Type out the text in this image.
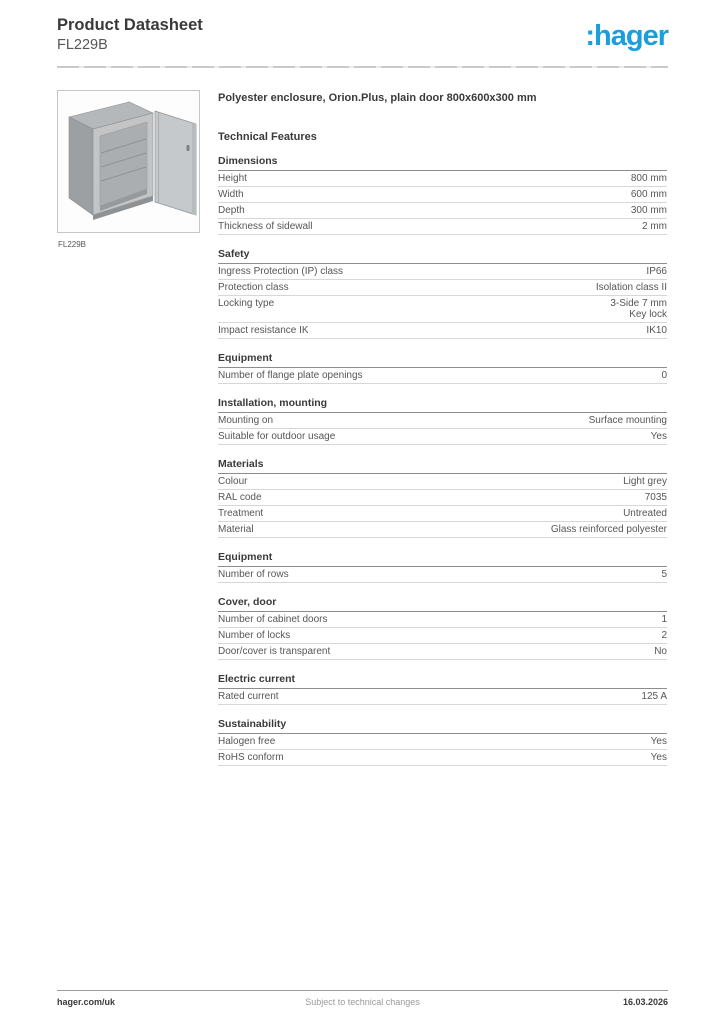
Product Datasheet
FL229B	:hager
FL229B
Polyester enclosure, Orion.Plus, plain door 800x600x300 mm
Technical Features
Dimensions
Height	800 mm
Width	600 mm
Depth	300 mm
Thickness of sidewall	2 mm
Safety
Ingress Protection (IP) class	IP66
Protection class	Isolation class II
Locking type	3-Side 7 mm
Key lock
Impact resistance IK	IK10
Equipment
Number of flange plate openings	0
Installation, mounting
Mounting on	Surface mounting
Suitable for outdoor usage	Yes
Materials
Colour	Light grey
RAL code	7035
Treatment	Untreated
Material	Glass reinforced polyester
Equipment
Number of rows	5
Cover, door
Number of cabinet doors	1
Number of locks	2
Door/cover is transparent	No
Electric current
Rated current	125 A
Sustainability
Halogen free	Yes
RoHS conform	Yes
hager.com/uk	Subject to technical changes	16.03.2026
